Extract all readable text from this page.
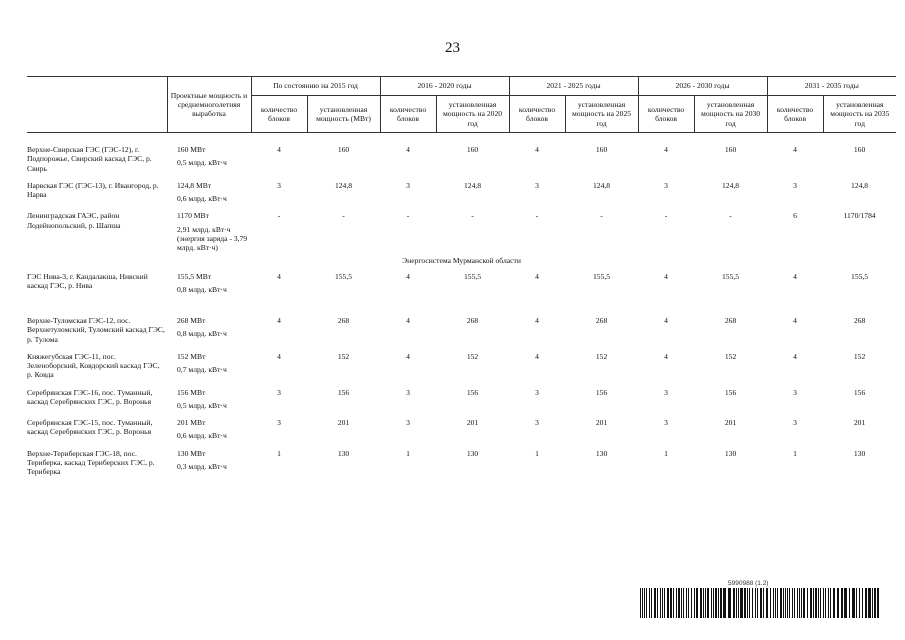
23
	Проектные мощность и среднемноголетняя выработка	По состоянию на 2015 год		2016 - 2020 годы		2021 - 2025 годы		2026 - 2030 годы		2031 - 2035 годы	
		количество блоков	установленная мощность (МВт)	количество блоков	установленная мощность на 2020 год	количество блоков	установленная мощность на 2025 год	количество блоков	установленная мощность на 2030 год	количество блоков	установленная мощность на 2035 год
Верхне-Свирская ГЭС (ГЭС-12), г. Подпорожье, Свирский каскад ГЭС, р. Свирь	160 МВт
0,5 млрд. кВт·ч	4	160	4	160	4	160	4	160	4	160
Нарвская ГЭС (ГЭС-13), г. Ивангород, р. Нарва	124,8 МВт
0,6 млрд. кВт·ч	3	124,8	3	124,8	3	124,8	3	124,8	3	124,8
Ленинградская ГАЭС, район Лодейнопольский, р. Шапша	1170 МВт
2,91 млрд. кВт·ч (энергия заряда - 3,79 млрд. кВт·ч)	-	-	-	-	-	-	-	-	6	1170/1784
Энергосистема Мурманской области											
ГЭС Нива-3, г. Кандалакша, Нивский каскад ГЭС, р. Нива	155,5 МВт
0,8 млрд. кВт·ч	4	155,5	4	155,5	4	155,5	4	155,5	4	155,5
Верхне-Туломская ГЭС-12, пос. Верхнетуломский, Туломский каскад ГЭС, р. Тулома	268 МВт
0,8 млрд. кВт·ч	4	268	4	268	4	268	4	268	4	268
Княжегубская ГЭС-11, пос. Зеленоборский, Ковдорский каскад ГЭС, р. Ковда	152 МВт
0,7 млрд. кВт·ч	4	152	4	152	4	152	4	152	4	152
Серебрянская ГЭС-16, пос. Туманный, каскад Серебрянских ГЭС, р. Воронья	156 МВт
0,5 млрд. кВт·ч	3	156	3	156	3	156	3	156	3	156
Серебрянская ГЭС-15, пос. Туманный, каскад Серебрянских ГЭС, р. Воронья	201 МВт
0,6 млрд. кВт·ч	3	201	3	201	3	201	3	201	3	201
Верхне-Териберская ГЭС-18, пос. Териберка, каскад Териберских ГЭС, р. Териберка	130 МВт
0,3 млрд. кВт·ч	1	130	1	130	1	130	1	130	1	130
5990988 (1.2)
